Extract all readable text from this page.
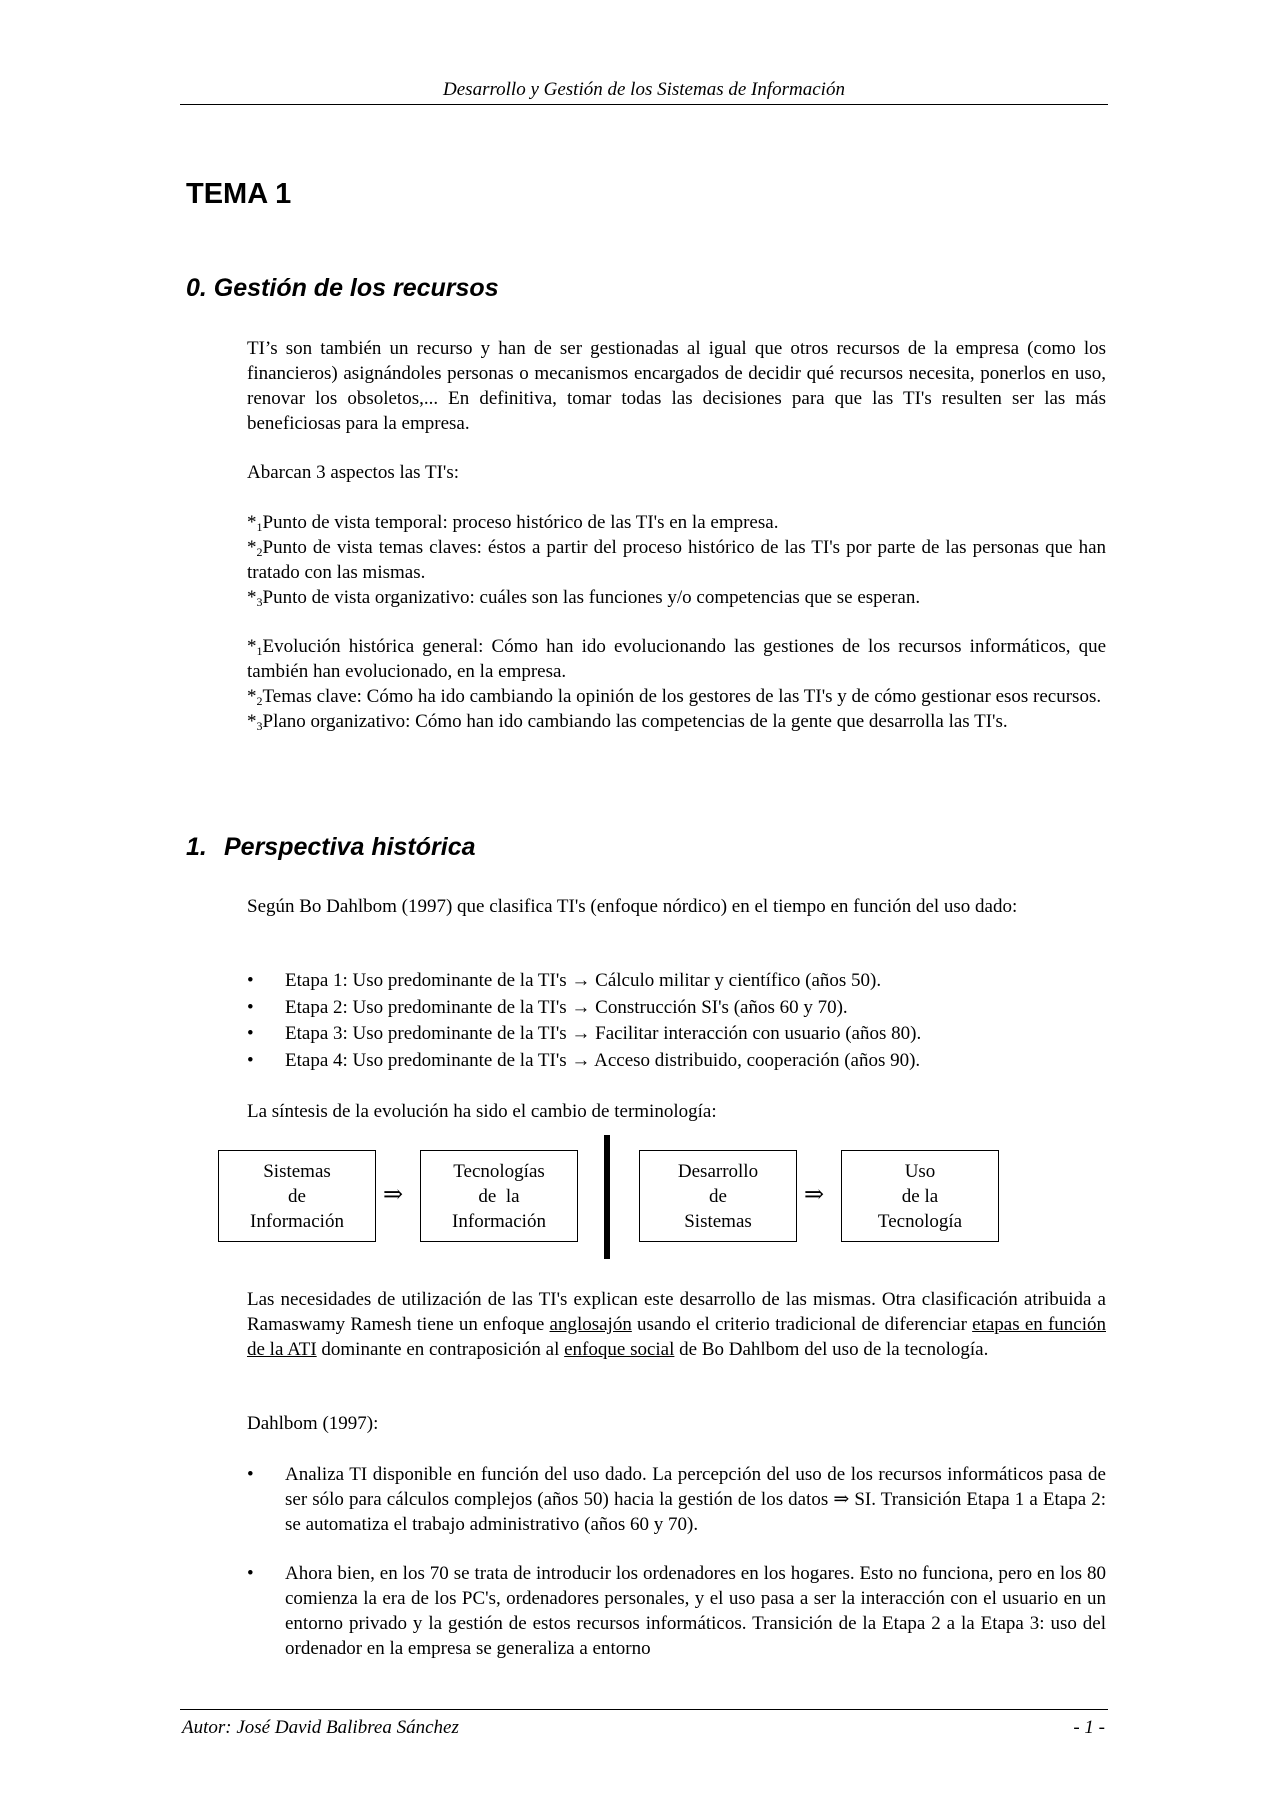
Desarrollo y Gestión de los Sistemas de Información
TEMA 1
0. Gestión de los recursos

TI’s son también un recurso y han de ser gestionadas al igual que otros recursos de la empresa (como los financieros) asignándoles personas o mecanismos encargados de decidir qué recursos necesita, ponerlos en uso, renovar los obsoletos,... En definitiva, tomar todas las decisiones para que las TI's resulten ser las más beneficiosas para la empresa.

Abarcan 3 aspectos las TI's:

$*_1Punto$ de vista temporal: proceso histórico de las TI's en la empresa.
$*_2Punto$ de vista temas claves: éstos a partir del proceso histórico de las TI's por parte de las personas que han tratado con las mismas.
$*_3Punto$ de vista organizativo: cuáles son las funciones y/o competencias que se esperan.
$*_1Evolución$ histórica general: Cómo han ido evolucionando las gestiones de los recursos informáticos, que también han evolucionado, en la empresa.
$*_2Temas$ clave: Cómo ha ido cambiando la opinión de los gestores de las TI's y de cómo gestionar esos recursos.
$*_3Plano$ organizativo: Cómo han ido cambiando las competencias de la gente que desarrolla las TI's.
1. Perspectiva histórica

Según Bo Dahlbom (1997) que clasifica TI's (enfoque nórdico) en el tiempo en función del uso dado:

• Etapa 1: Uso predominante de la TI's → Cálculo militar y científico (años 50).
• Etapa 2: Uso predominante de la TI's → Construcción SI's (años 60 y 70).
• Etapa 3: Uso predominante de la TI's → Facilitar interacción con usuario (años 80).
• Etapa 4: Uso predominante de la TI's → Acceso distribuido, cooperación (años 90).

La síntesis de la evolución ha sido el cambio de terminología:

Sistemas
de
Información
⇒
Tecnologías
de  la
Información
Desarrollo
de
Sistemas
⇒
Uso
de la
Tecnología

Las necesidades de utilización de las TI's explican este desarrollo de las mismas. Otra clasificación atribuida a Ramaswamy Ramesh tiene un enfoque anglosajón usando el criterio tradicional de diferenciar etapas en función de la ATI dominante en contraposición al enfoque social de Bo Dahlbom del uso de la tecnología.

Dahlbom (1997):

• Analiza TI disponible en función del uso dado. La percepción del uso de los recursos informáticos pasa de ser sólo para cálculos complejos (años 50) hacia la gestión de los datos ⇒ SI. Transición Etapa 1 a Etapa 2: se automatiza el trabajo administrativo (años 60 y 70).
• Ahora bien, en los 70 se trata de introducir los ordenadores en los hogares. Esto no funciona, pero en los 80 comienza la era de los PC's, ordenadores personales, y el uso pasa a ser la interacción con el usuario en un entorno privado y la gestión de estos recursos informáticos. Transición de la Etapa 2 a la Etapa 3: uso del ordenador en la empresa se generaliza a entorno
Autor: José David Balibrea Sánchez	- 1 -
